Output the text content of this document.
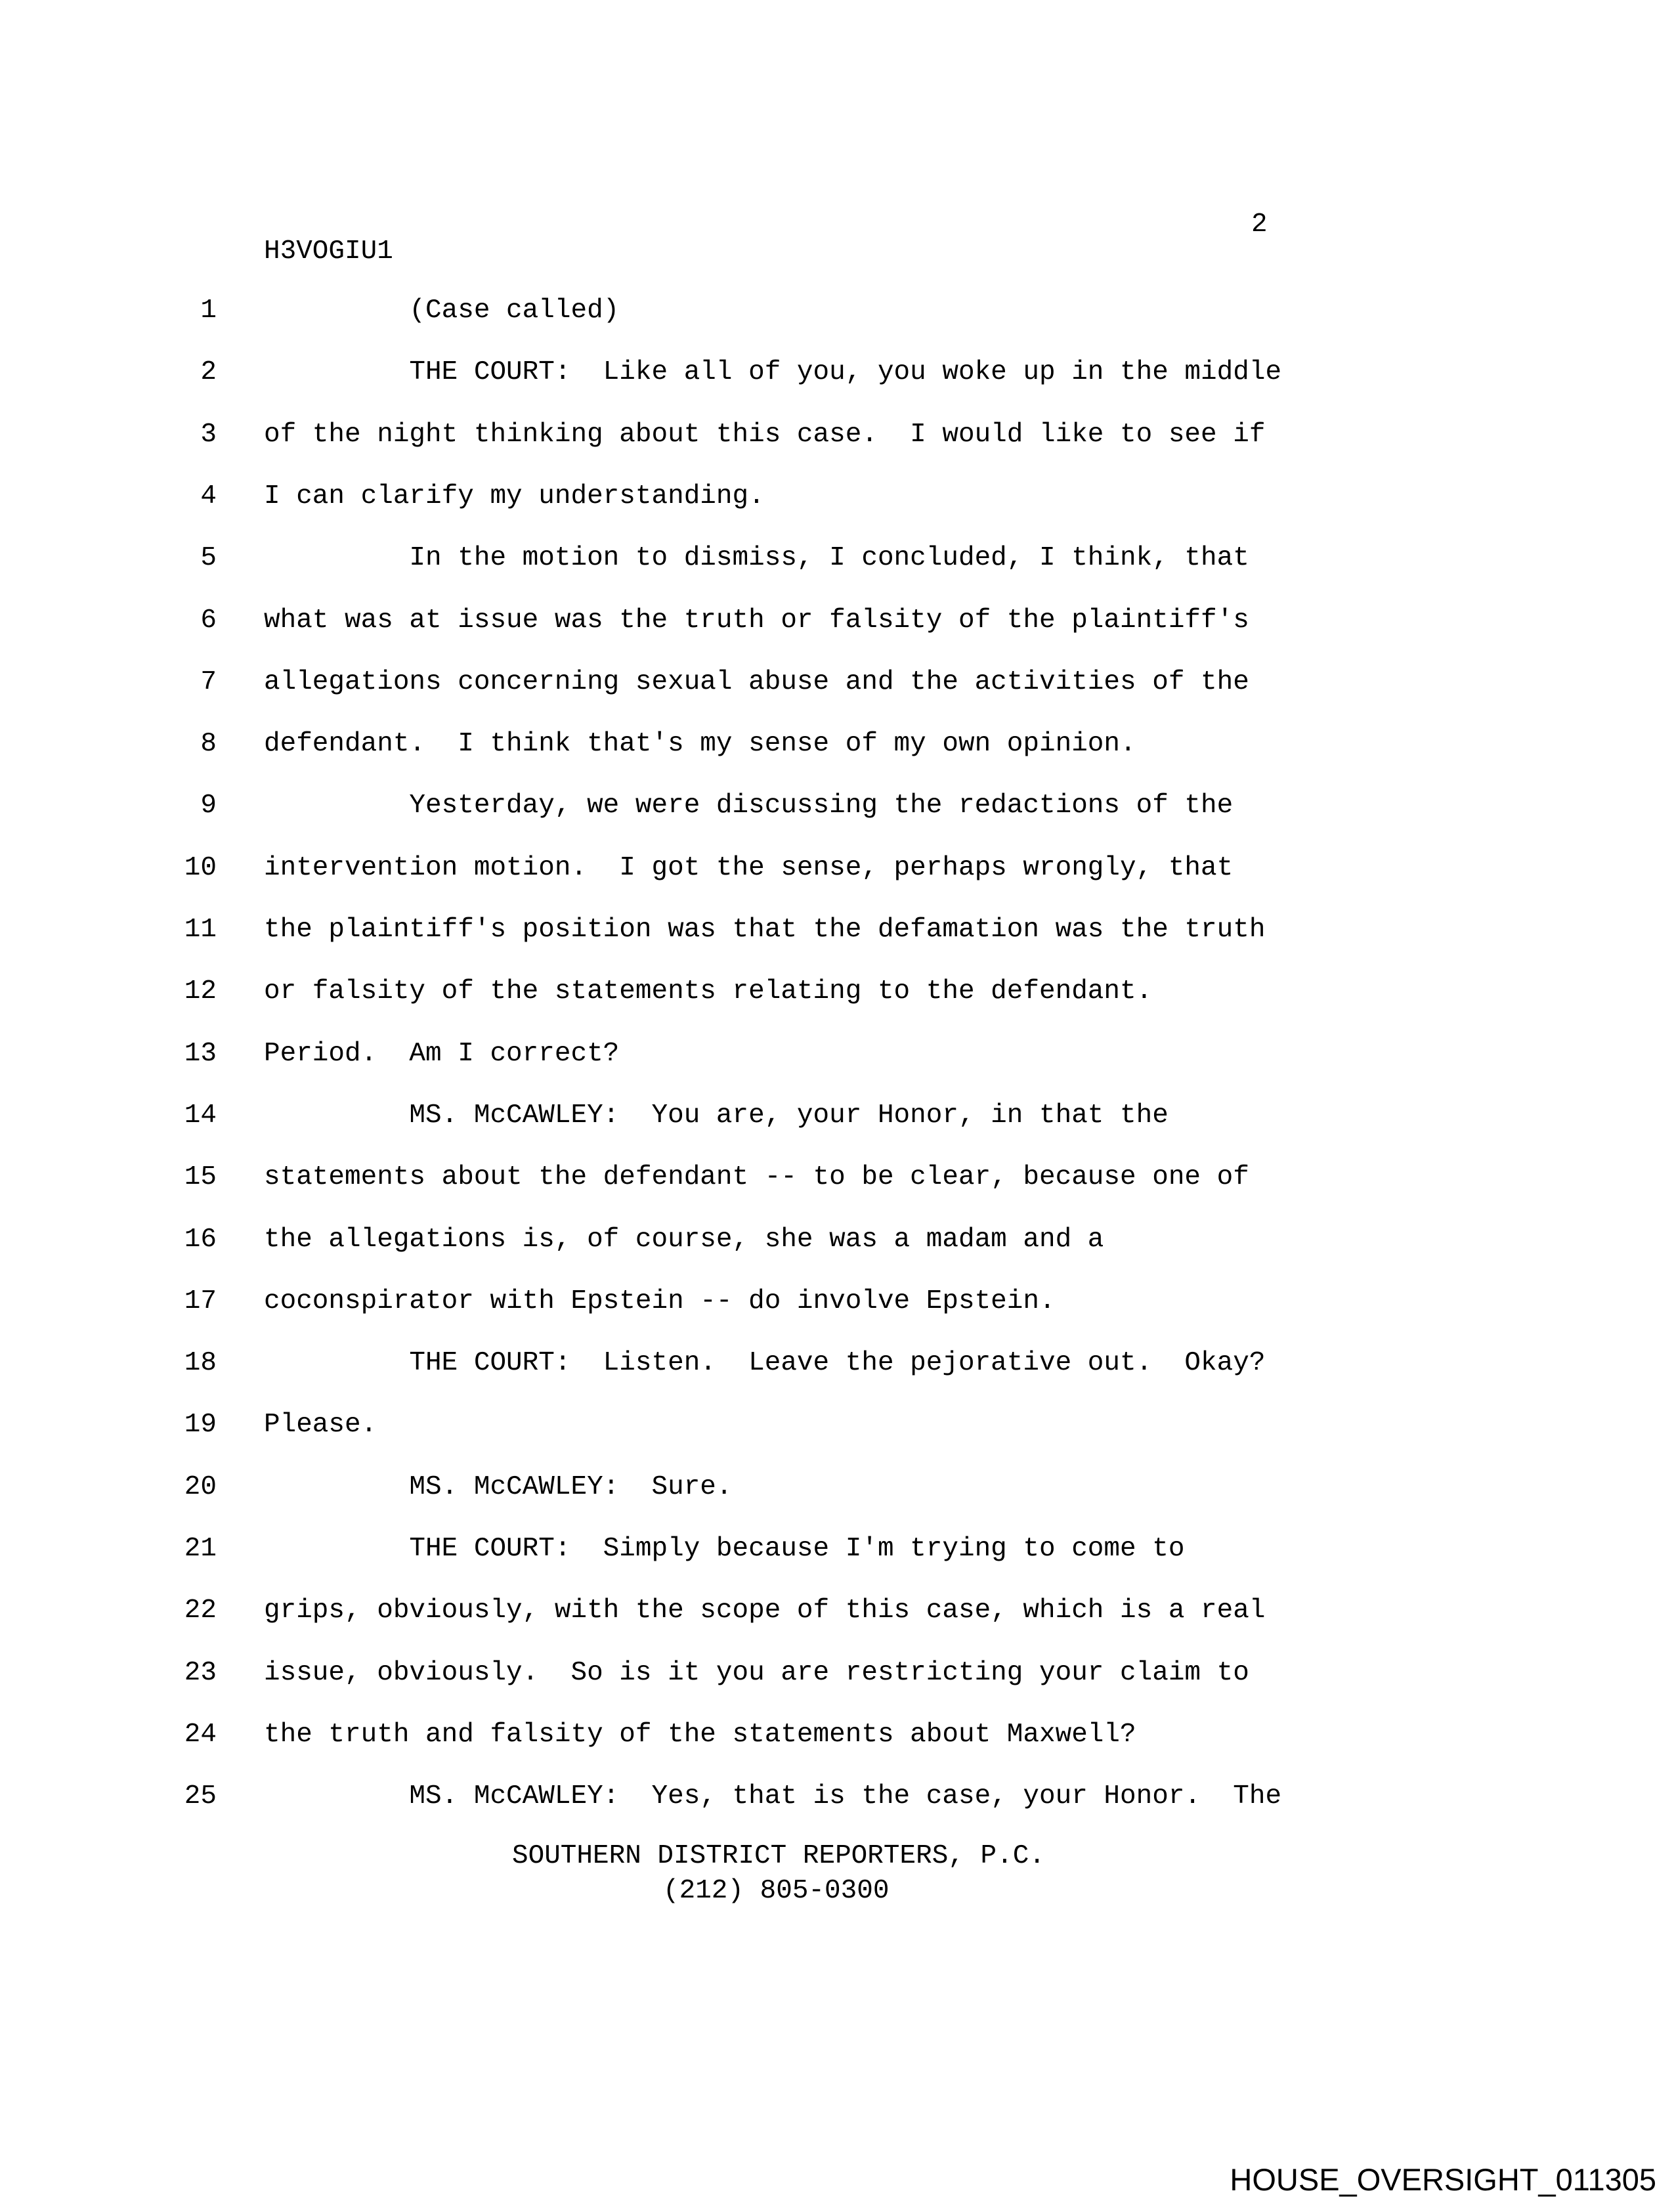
2
H3VOGIU1
1 (Case called)
2 THE COURT:  Like all of you, you woke up in the middle
3 of the night thinking about this case.  I would like to see if
4 I can clarify my understanding.
5 In the motion to dismiss, I concluded, I think, that
6 what was at issue was the truth or falsity of the plaintiff's
7 allegations concerning sexual abuse and the activities of the
8 defendant.  I think that's my sense of my own opinion.
9 Yesterday, we were discussing the redactions of the
10 intervention motion.  I got the sense, perhaps wrongly, that
11 the plaintiff's position was that the defamation was the truth
12 or falsity of the statements relating to the defendant.
13 Period.  Am I correct?
14 MS. McCAWLEY:  You are, your Honor, in that the
15 statements about the defendant -- to be clear, because one of
16 the allegations is, of course, she was a madam and a
17 coconspirator with Epstein -- do involve Epstein.
18 THE COURT:  Listen.  Leave the pejorative out.  Okay?
19 Please.
20 MS. McCAWLEY:  Sure.
21 THE COURT:  Simply because I'm trying to come to
22 grips, obviously, with the scope of this case, which is a real
23 issue, obviously.  So is it you are restricting your claim to
24 the truth and falsity of the statements about Maxwell?
25 MS. McCAWLEY:  Yes, that is the case, your Honor.  The
SOUTHERN DISTRICT REPORTERS, P.C.
(212) 805-0300
HOUSE_OVERSIGHT_011305
